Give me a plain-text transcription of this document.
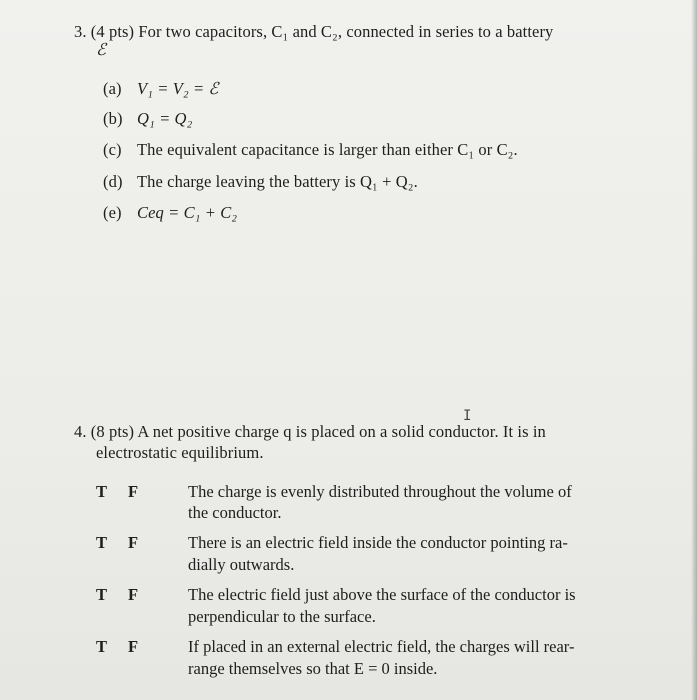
3. (4 pts) For two capacitors, C₁ and C₂, connected in series to a battery
ℰ
(a) V₁ = V₂ = ℰ
(b) Q₁ = Q₂
(c) The equivalent capacitance is larger than either C₁ or C₂.
(d) The charge leaving the battery is Q₁ + Q₂.
(e) Ceq = C₁ + C₂
I
4. (8 pts) A net positive charge q is placed on a solid conductor. It is in
electrostatic equilibrium.
T F	The charge is evenly distributed throughout the volume of
the conductor.
T F	There is an electric field inside the conductor pointing ra-
dially outwards.
T F	The electric field just above the surface of the conductor is
perpendicular to the surface.
T F	If placed in an external electric field, the charges will rear-
range themselves so that E = 0 inside.
